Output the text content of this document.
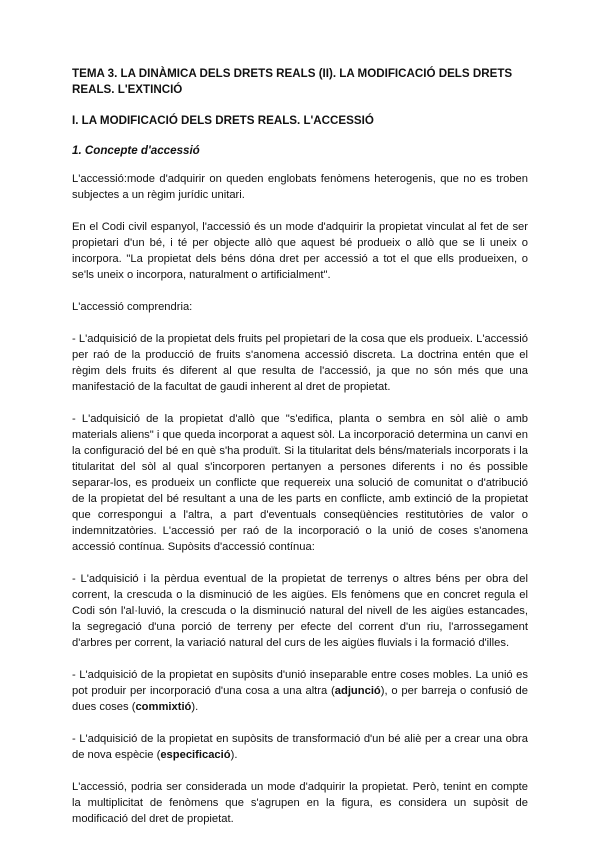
TEMA 3. LA DINÀMICA DELS DRETS REALS (II). LA MODIFICACIÓ DELS DRETS REALS. L'EXTINCIÓ
I. LA MODIFICACIÓ DELS DRETS REALS. L'ACCESSIÓ
1. Concepte d'accessió

L'accessió:mode d'adquirir on queden englobats fenòmens heterogenis, que no es troben subjectes a un règim jurídic unitari.

En el Codi civil espanyol, l'accessió és un mode d'adquirir la propietat vinculat al fet de ser propietari d'un bé, i té per objecte allò que aquest bé produeix o allò que se li uneix o incorpora. "La propietat dels béns dóna dret per accessió a tot el que ells produeixen, o se'ls uneix o incorpora, naturalment o artificialment".

L'accessió comprendria:

- L'adquisició de la propietat dels fruits pel propietari de la cosa que els produeix. L'accessió per raó de la producció de fruits s'anomena accessió discreta. La doctrina entén que el règim dels fruits és diferent al que resulta de l'accessió, ja que no són més que una manifestació de la facultat de gaudi inherent al dret de propietat.

- L'adquisició de la propietat d'allò que "s'edifica, planta o sembra en sòl aliè o amb materials aliens" i que queda incorporat a aquest sòl. La incorporació determina un canvi en la configuració del bé en què s'ha produït. Si la titularitat dels béns/materials incorporats i la titularitat del sòl al qual s'incorporen pertanyen a persones diferents i no és possible separar-los, es produeix un conflicte que requereix una solució de comunitat o d'atribució de la propietat del bé resultant a una de les parts en conflicte, amb extinció de la propietat que correspongui a l'altra, a part d'eventuals conseqüències restitutòries de valor o indemnitzatòries. L'accessió per raó de la incorporació o la unió de coses s'anomena accessió contínua. Supòsits d'accessió contínua:

- L'adquisició i la pèrdua eventual de la propietat de terrenys o altres béns per obra del corrent, la crescuda o la disminució de les aigües. Els fenòmens que en concret regula el Codi són l'al·luvió, la crescuda o la disminució natural del nivell de les aigües estancades, la segregació d'una porció de terreny per efecte del corrent d'un riu, l'arrossegament d'arbres per corrent, la variació natural del curs de les aigües fluvials i la formació d'illes.

- L'adquisició de la propietat en supòsits d'unió inseparable entre coses mobles. La unió es pot produir per incorporació d'una cosa a una altra (adjunció), o per barreja o confusió de dues coses (commixtió).

- L'adquisició de la propietat en supòsits de transformació d'un bé aliè per a crear una obra de nova espècie (especificació).

L'accessió, podria ser considerada un mode d'adquirir la propietat. Però, tenint en compte la multiplicitat de fenòmens que s'agrupen en la figura, es considera un supòsit de modificació del dret de propietat.
